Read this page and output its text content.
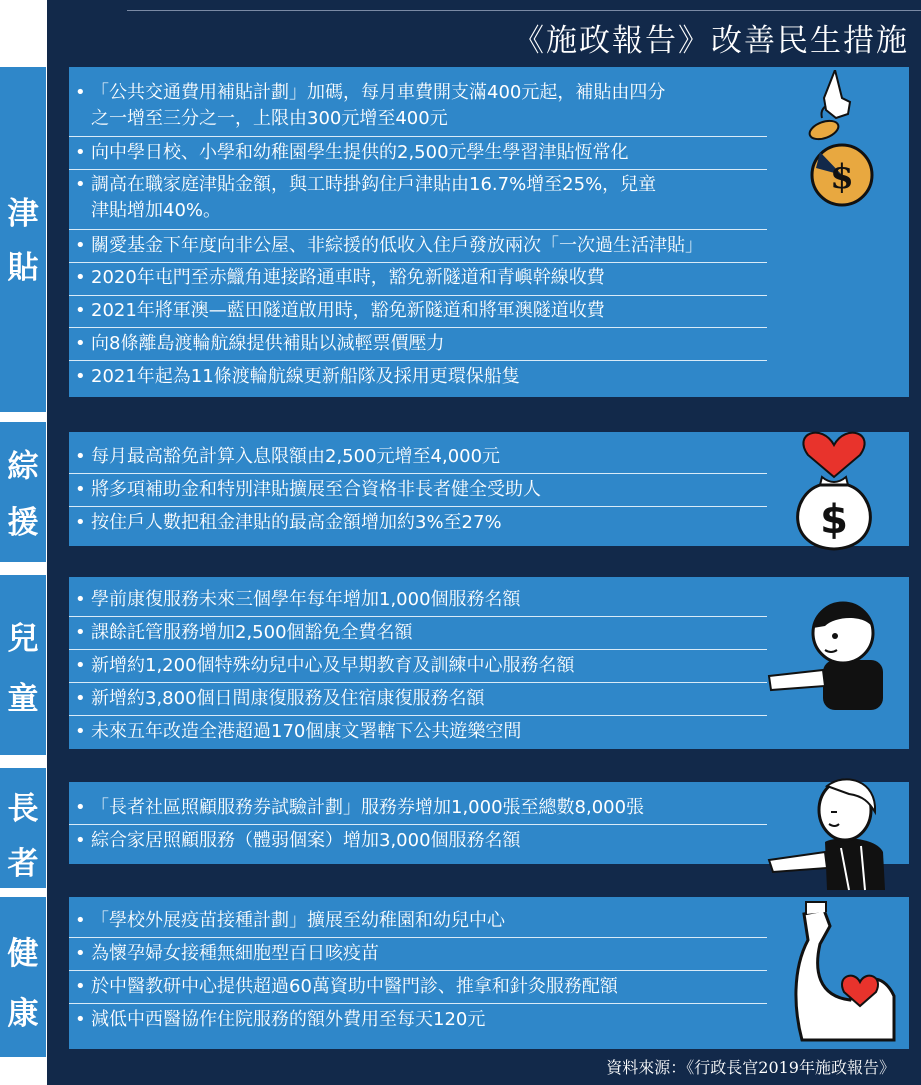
《施政報告》改善民生措施
津
貼
• 「公共交通費用補貼計劃」加碼，每月車費開支滿400元起，補貼由四分
之一增至三分之一，上限由300元增至400元
• 向中學日校、小學和幼稚園學生提供的2,500元學生學習津貼恆常化
• 調高在職家庭津貼金額，與工時掛鈎住戶津貼由16.7%增至25%，兒童
津貼增加40%。
• 關愛基金下年度向非公屋、非綜援的低收入住戶發放兩次「一次過生活津貼」
• 2020年屯門至赤鱲角連接路通車時，豁免新隧道和青嶼幹線收費
• 2021年將軍澳—藍田隧道啟用時，豁免新隧道和將軍澳隧道收費
• 向8條離島渡輪航線提供補貼以減輕票價壓力
• 2021年起為11條渡輪航線更新船隊及採用更環保船隻
$
綜
援
• 每月最高豁免計算入息限額由2,500元增至4,000元
• 將多項補助金和特別津貼擴展至合資格非長者健全受助人
• 按住戶人數把租金津貼的最高金額增加約3%至27%	$
兒
童
• 學前康復服務未來三個學年每年增加1,000個服務名額
• 課餘託管服務增加2,500個豁免全費名額
• 新增約1,200個特殊幼兒中心及早期教育及訓練中心服務名額
• 新增約3,800個日間康復服務及住宿康復服務名額
• 未來五年改造全港超過170個康文署轄下公共遊樂空間
長
者
• 「長者社區照顧服務券試驗計劃」服務券增加1,000張至總數8,000張
• 綜合家居照顧服務（體弱個案）增加3,000個服務名額
健
康
• 「學校外展疫苗接種計劃」擴展至幼稚園和幼兒中心
• 為懷孕婦女接種無細胞型百日咳疫苗
• 於中醫教研中心提供超過60萬資助中醫門診、推拿和針灸服務配額
• 減低中西醫協作住院服務的額外費用至每天120元
資料來源：《行政長官2019年施政報告》
